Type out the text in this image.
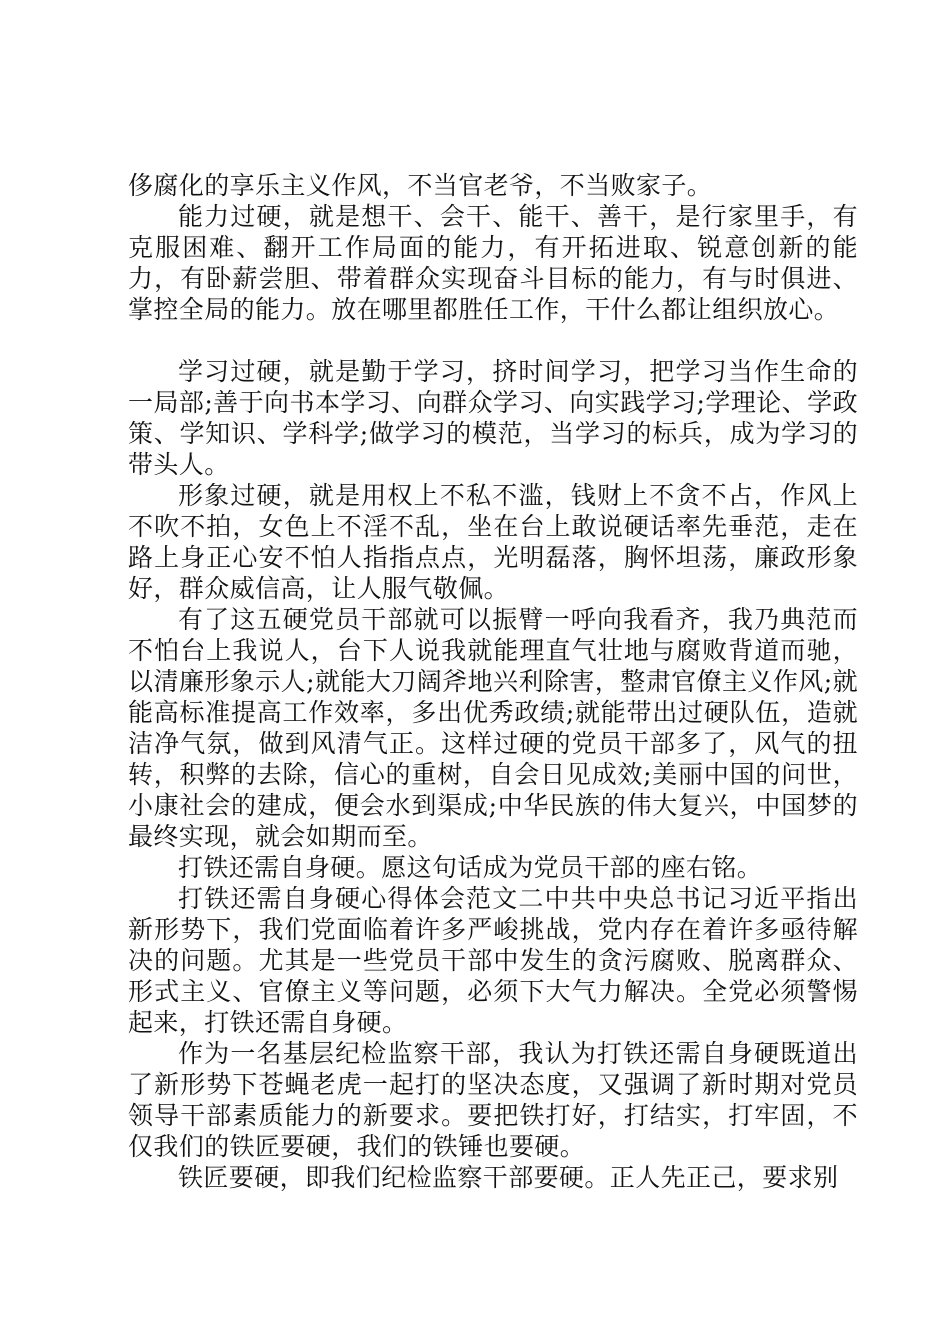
侈腐化的享乐主义作风，不当官老爷，不当败家子。

能力过硬，就是想干、会干、能干、善干，是行家里手，有克服困难、翻开工作局面的能力，有开拓进取、锐意创新的能力，有卧薪尝胆、带着群众实现奋斗目标的能力，有与时俱进、掌控全局的能力。放在哪里都胜任工作，干什么都让组织放心。

学习过硬，就是勤于学习，挤时间学习，把学习当作生命的一局部;善于向书本学习、向群众学习、向实践学习;学理论、学政策、学知识、学科学;做学习的模范，当学习的标兵，成为学习的带头人。

形象过硬，就是用权上不私不滥，钱财上不贪不占，作风上不吹不拍，女色上不淫不乱，坐在台上敢说硬话率先垂范，走在路上身正心安不怕人指指点点，光明磊落，胸怀坦荡，廉政形象好，群众威信高，让人服气敬佩。

有了这五硬党员干部就可以振臂一呼向我看齐，我乃典范而不怕台上我说人，台下人说我就能理直气壮地与腐败背道而驰，以清廉形象示人;就能大刀阔斧地兴利除害，整肃官僚主义作风;就能高标准提高工作效率，多出优秀政绩;就能带出过硬队伍，造就洁净气氛，做到风清气正。这样过硬的党员干部多了，风气的扭转，积弊的去除，信心的重树，自会日见成效;美丽中国的问世，小康社会的建成，便会水到渠成;中华民族的伟大复兴，中国梦的最终实现，就会如期而至。

打铁还需自身硬。愿这句话成为党员干部的座右铭。

打铁还需自身硬心得体会范文二中共中央总书记习近平指出新形势下，我们党面临着许多严峻挑战，党内存在着许多亟待解决的问题。尤其是一些党员干部中发生的贪污腐败、脱离群众、形式主义、官僚主义等问题，必须下大气力解决。全党必须警惕起来，打铁还需自身硬。

作为一名基层纪检监察干部，我认为打铁还需自身硬既道出了新形势下苍蝇老虎一起打的坚决态度，又强调了新时期对党员领导干部素质能力的新要求。要把铁打好，打结实，打牢固，不仅我们的铁匠要硬，我们的铁锤也要硬。

铁匠要硬，即我们纪检监察干部要硬。正人先正己，要求别
